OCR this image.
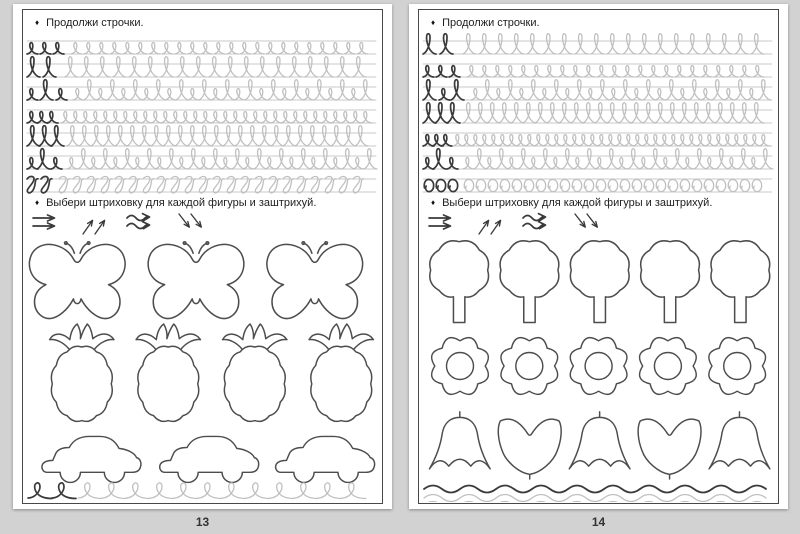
♦ Продолжи строчки.
♦ Выбери штриховку для каждой фигуры и заштрихуй.
13
♦ Продолжи строчки.
♦ Выбери штриховку для каждой фигуры и заштрихуй.
14
